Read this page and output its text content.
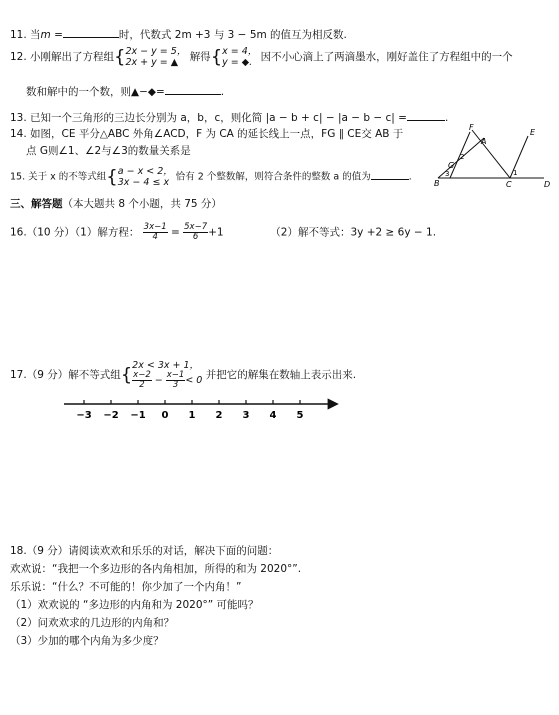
11. 当m =	时，代数式 2m +3 与 3 − 5m 的值互为相反数.
12. 小刚解出了方程组{ 2x − y = 5，
2x + y = ▲	解得{ x = 4，
y = ◆. 因不小心滴上了两滴墨水，刚好盖住了方程组中的一个
数和解中的一个数，则▲−◆=	.
13. 已知一个三角形的三边长分别为 a，b，c，则化简 |a − b + c| − |a − b − c| =	.
14. 如图，CE 平分△ABC 外角∠ACD，F 为 CA 的延长线上一点，FG ∥ CE交 AB 于
点 G则∠1、∠2与∠3的数量关系是
F
E
A
G
B	C	D
1
2
3
15. 关于 x 的不等式组{ a − x < 2，
3x − 4 ≤ x 恰有 2 个整数解，则符合条件的整数 a 的值为	.
三、解答题（本大题共 8 个小题，共 75 分）
16.（10 分）（1）解方程： $\frac{3x-1}{4} = \frac{5x-7}{6} +1$	（2）解不等式：3y +2 ≥ 6y − 1.
17.（9 分）解不等式组{ 2x < 3x + 1，
$\frac{x-2}{2} - \frac{x-1}{3} < 0$ 并把它的解集在数轴上表示出来.
−3 −2 −1 0 1 2 3 4 5
18.（9 分）请阅读欢欢和乐乐的对话，解决下面的问题：
欢欢说：“我把一个多边形的各内角相加，所得的和为 2020°”.
乐乐说：“什么？不可能的！你少加了一个内角！”
（1）欢欢说的 “多边形的内角和为 2020°” 可能吗？
（2）问欢欢求的几边形的内角和？
（3）少加的哪个内角为多少度？
